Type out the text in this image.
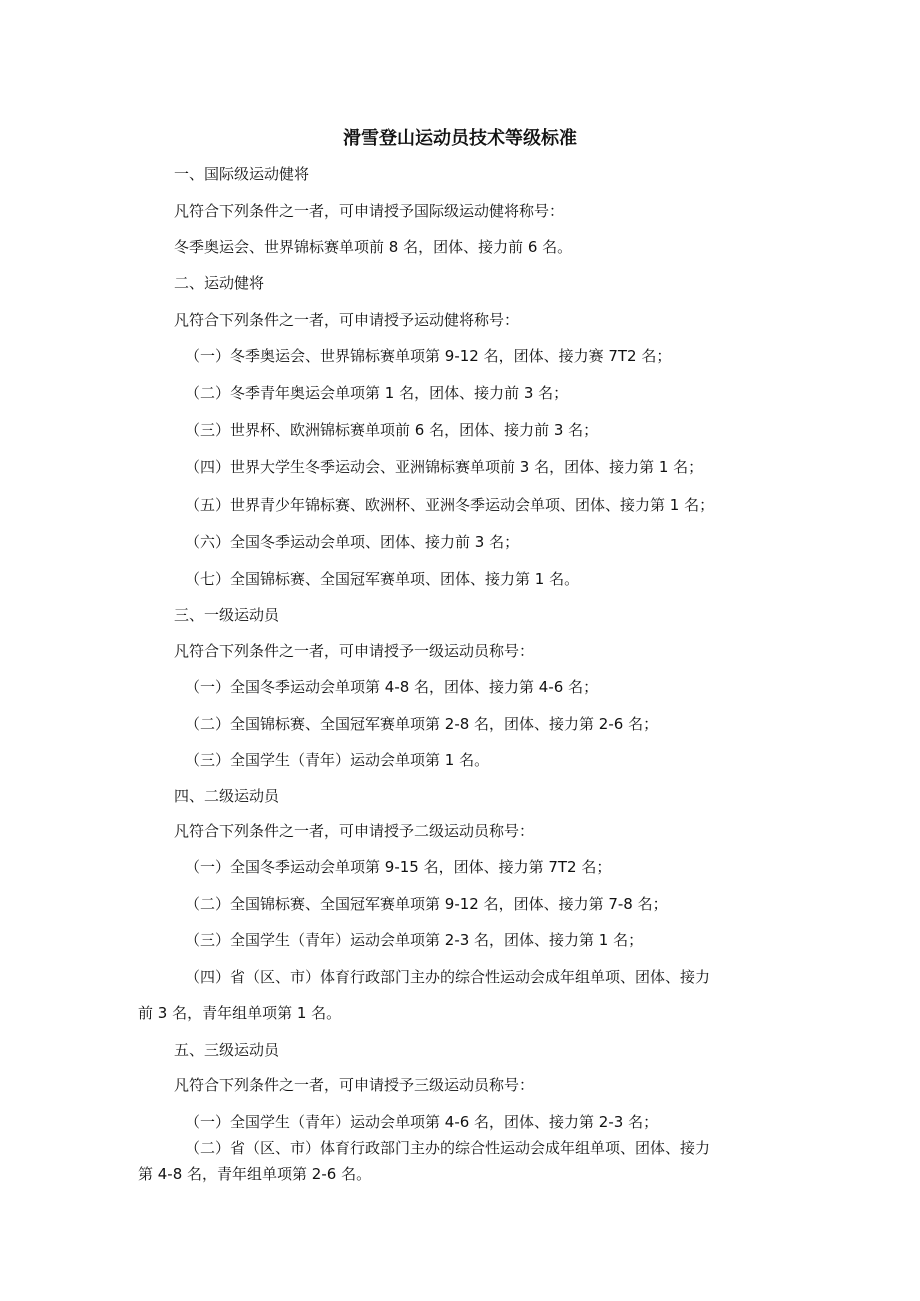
滑雪登山运动员技术等级标准
一、国际级运动健将
凡符合下列条件之一者，可申请授予国际级运动健将称号：
冬季奥运会、世界锦标赛单项前 8 名，团体、接力前 6 名。
二、运动健将
凡符合下列条件之一者，可申请授予运动健将称号：
（一）冬季奥运会、世界锦标赛单项第 9-12 名，团体、接力赛 7T2 名；
（二）冬季青年奥运会单项第 1 名，团体、接力前 3 名；
（三）世界杯、欧洲锦标赛单项前 6 名，团体、接力前 3 名；
（四）世界大学生冬季运动会、亚洲锦标赛单项前 3 名，团体、接力第 1 名；
（五）世界青少年锦标赛、欧洲杯、亚洲冬季运动会单项、团体、接力第 1 名；
（六）全国冬季运动会单项、团体、接力前 3 名；
（七）全国锦标赛、全国冠军赛单项、团体、接力第 1 名。
三、一级运动员
凡符合下列条件之一者，可申请授予一级运动员称号：
（一）全国冬季运动会单项第 4-8 名，团体、接力第 4-6 名；
（二）全国锦标赛、全国冠军赛单项第 2-8 名，团体、接力第 2-6 名；
（三）全国学生（青年）运动会单项第 1 名。
四、二级运动员
凡符合下列条件之一者，可申请授予二级运动员称号：
（一）全国冬季运动会单项第 9-15 名，团体、接力第 7T2 名；
（二）全国锦标赛、全国冠军赛单项第 9-12 名，团体、接力第 7-8 名；
（三）全国学生（青年）运动会单项第 2-3 名，团体、接力第 1 名；
（四）省（区、市）体育行政部门主办的综合性运动会成年组单项、团体、接力
前 3 名，青年组单项第 1 名。
五、三级运动员
凡符合下列条件之一者，可申请授予三级运动员称号：
（一）全国学生（青年）运动会单项第 4-6 名，团体、接力第 2-3 名；
（二）省（区、市）体育行政部门主办的综合性运动会成年组单项、团体、接力
第 4-8 名，青年组单项第 2-6 名。
